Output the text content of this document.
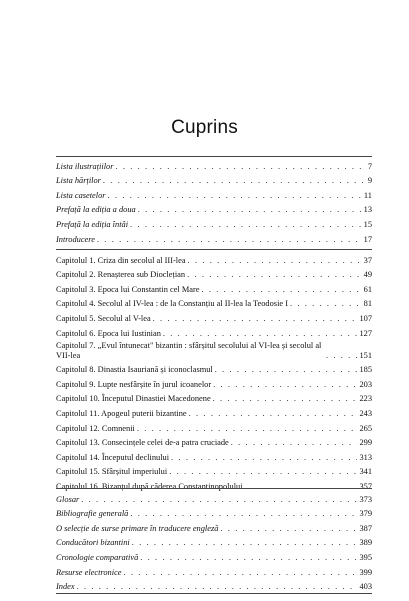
Cuprins
Lista ilustrațiilor . . .	7
Lista hărților . . .	9
Lista casetelor . . .	11
Prefață la ediția a doua . . .	13
Prefață la ediția întâi . . .	15
Introducere . . .	17
Capitolul 1. Criza din secolul al III-lea . . .	37
Capitolul 2. Renașterea sub Dioclețian . . .	49
Capitolul 3. Epoca lui Constantin cel Mare . . .	61
Capitolul 4. Secolul al IV-lea : de la Constanțiu al II-lea la Teodosie I . . .	81
Capitolul 5. Secolul al V-lea . . .	107
Capitolul 6. Epoca lui Iustinian . . .	127
Capitolul 7. „Evul întunecat" bizantin : sfârșitul secolului al VI-lea și secolul al VII-lea . . .	151
Capitolul 8. Dinastia Isauriană și iconoclasmul . . .	185
Capitolul 9. Lupte nesfârșite în jurul icoanelor . . .	203
Capitolul 10. Începutul Dinastiei Macedonene . . .	223
Capitolul 11. Apogeul puterii bizantine . . .	243
Capitolul 12. Comnenii . . .	265
Capitolul 13. Consecințele celei de-a patra cruciade . . .	299
Capitolul 14. Începutul declinului . . .	313
Capitolul 15. Sfârșitul imperiului . . .	341
Capitolul 16. Bizanțul după căderea Constantinopolului . . .	357
Glosar . . .	373
Bibliografie generală . . .	379
O selecție de surse primare în traducere engleză . . .	387
Conducători bizantini . . .	389
Cronologie comparativă . . .	395
Resurse electronice . . .	399
Index . . .	403
